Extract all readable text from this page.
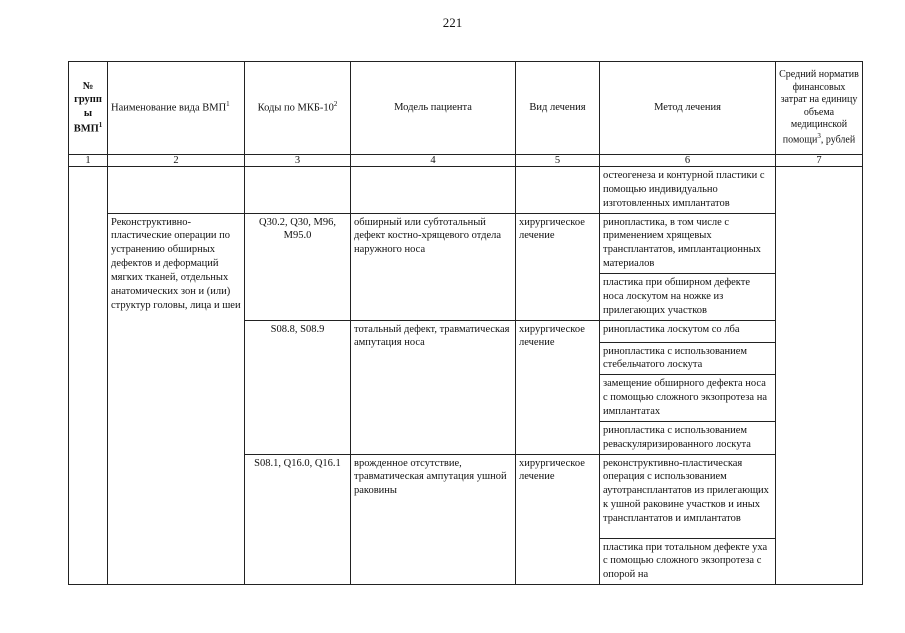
221
№ групп ы ВМП$^1$	Наименование вида ВМП$^1$	Коды по МКБ-$10^2$	Модель пациента	Вид лечения	Метод лечения	Средний норматив финансовых затрат на единицу объема медицинской помощи$^3$, рублей
1	2	3	4	5	6	7
					остеогенеза и контурной пластики с помощью индивидуально изготовленных имплантатов	
	Реконструктивно-пластические операции по устранению обширных дефектов и деформаций мягких тканей, отдельных анатомических зон и (или) структур головы, лица и шеи	Q30.2, Q30, M96, M95.0	обширный или субтотальный дефект костно-хрящевого отдела наружного носа	хирургическое лечение	ринопластика, в том числе с применением хрящевых трансплантатов, имплантационных материалов	
					пластика при обширном дефекте носа лоскутом на ножке из прилегающих участков	
		S08.8, S08.9	тотальный дефект, травматическая ампутация носа	хирургическое лечение	ринопластика лоскутом со лба	
					ринопластика с использованием стебельчатого лоскута	
					замещение обширного дефекта носа с помощью сложного экзопротеза на имплантатах	
					ринопластика с использованием реваскуляризированного лоскута	
		S08.1, Q16.0, Q16.1	врожденное отсутствие, травматическая ампутация ушной раковины	хирургическое лечение	реконструктивно-пластическая операция с использованием аутотрансплантатов из прилегающих к ушной раковине участков и иных трансплантатов и имплантатов	
					пластика при тотальном дефекте уха с помощью сложного экзопротеза с опорой на	
